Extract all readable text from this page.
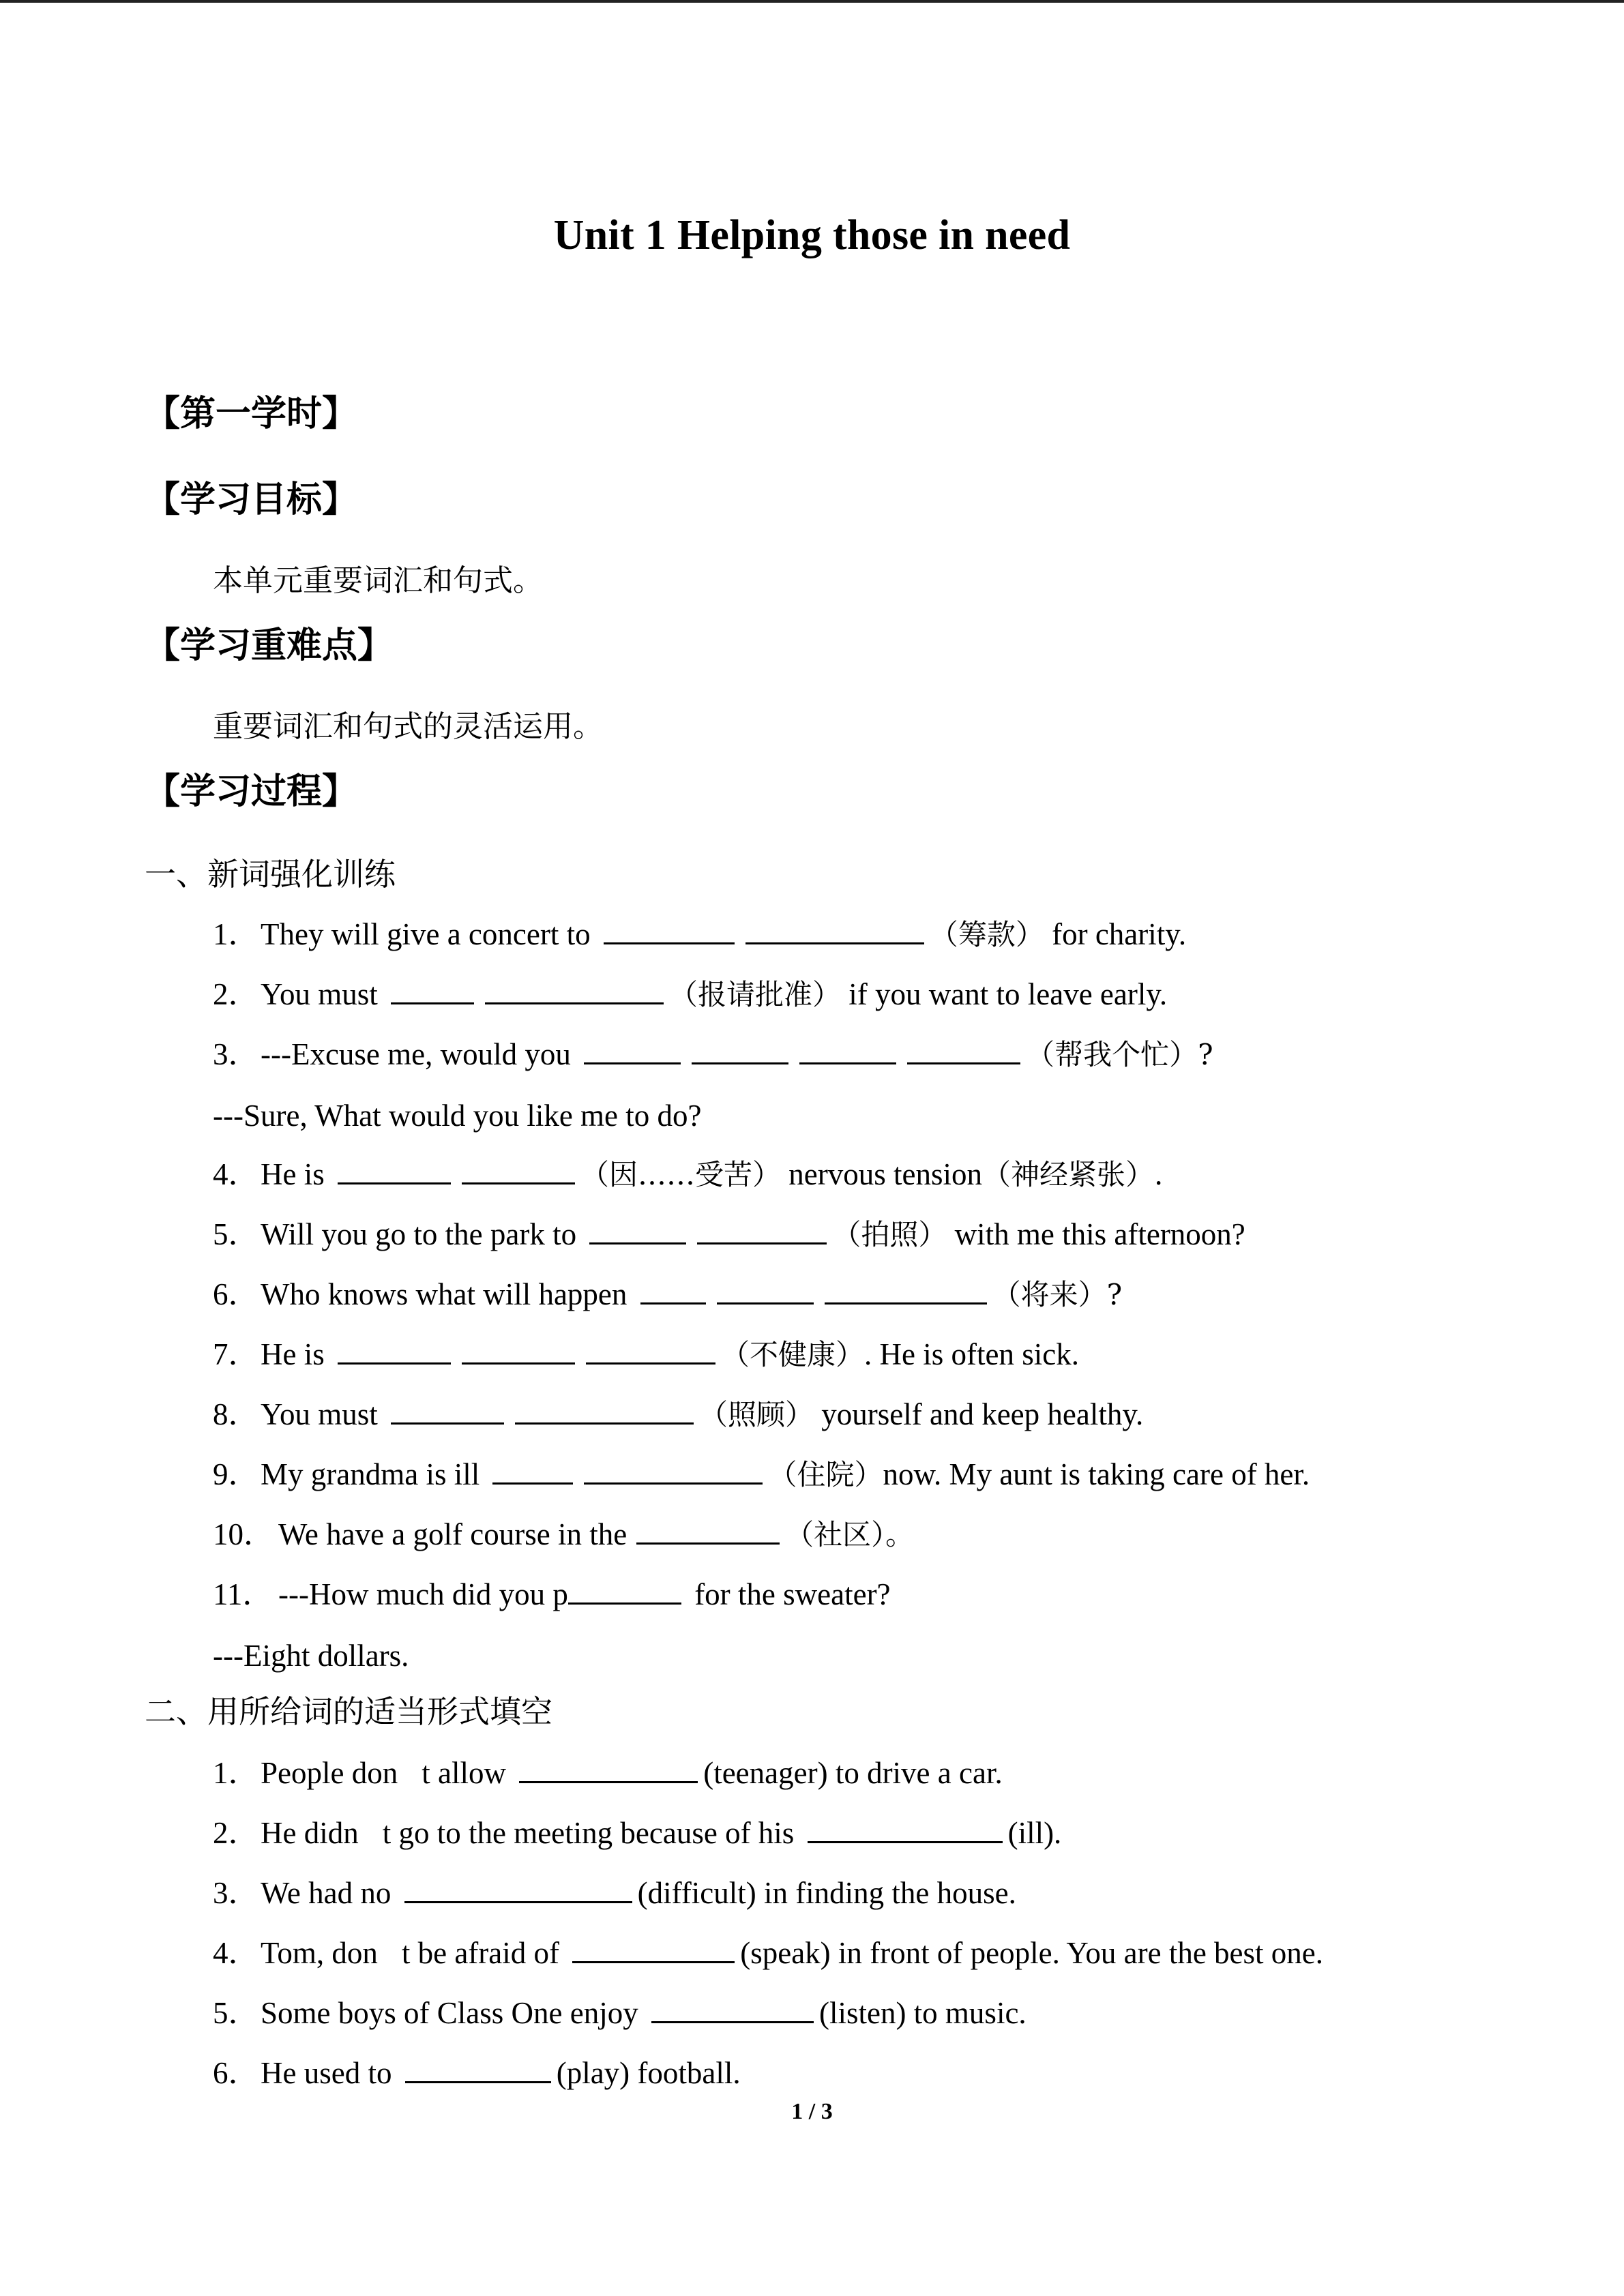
Unit 1 Helping those in need
【第一学时】
【学习目标】
本单元重要词汇和句式。
【学习重难点】
重要词汇和句式的灵活运用。
【学习过程】
一、新词强化训练
1．They will give a concert to	（筹款） for charity.
2．You must	（报请批准） if you want to leave early.
3．---Excuse me, would you	（帮我个忙）?
---Sure, What would you like me to do?
4．He is	（因……受苦） nervous tension（神经紧张）.
5．Will you go to the park to	（拍照） with me this afternoon?
6．Who knows what will happen	（将来）?
7．He is	（不健康）. He is often sick.
8．You must	（照顾） yourself and keep healthy.
9．My grandma is ill	（住院）now. My aunt is taking care of her.
10． We have a golf course in the	（社区）。
11． ---How much did you p	for the sweater?
---Eight dollars.
二、用所给词的适当形式填空
1．People don t allow	(teenager) to drive a car.
2．He didn t go to the meeting because of his	(ill).
3．We had no	(difficult) in finding the house.
4．Tom, don t be afraid of	(speak) in front of people. You are the best one.
5．Some boys of Class One enjoy	(listen) to music.
6．He used to	(play) football.
1 / 3
